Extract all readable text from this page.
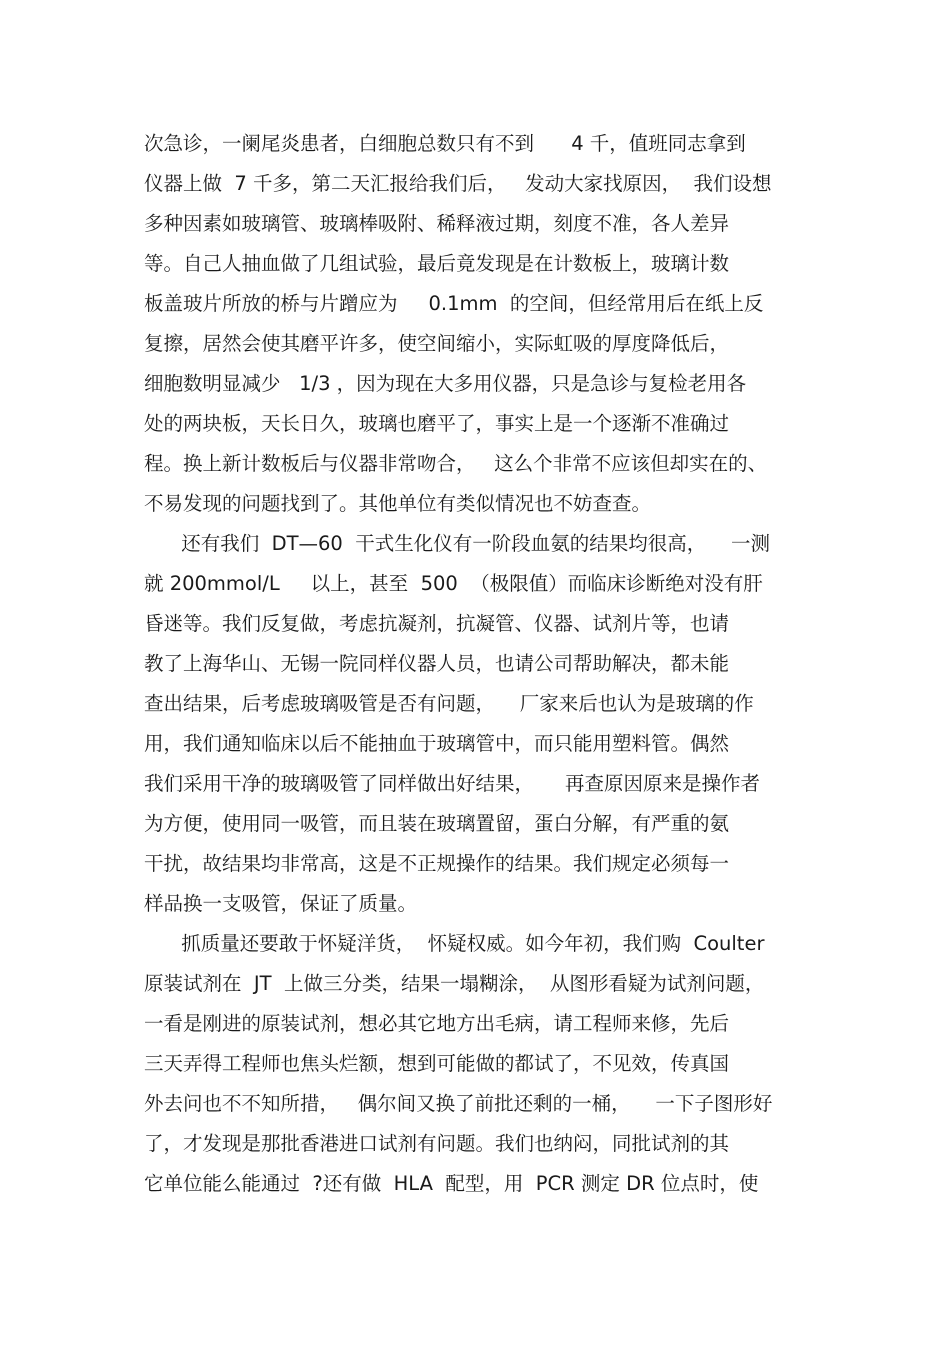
次急诊，一阑尾炎患者，白细胞总数只有不到      4 千，值班同志拿到
仪器上做  7 千多，第二天汇报给我们后，   发动大家找原因，  我们设想
多种因素如玻璃管、玻璃棒吸附、稀释液过期，刻度不准，各人差异
等。自己人抽血做了几组试验，最后竟发现是在计数板上，玻璃计数
板盖玻片所放的桥与片蹭应为     0.1mm  的空间，但经常用后在纸上反
复擦，居然会使其磨平许多，使空间缩小，实际虹吸的厚度降低后，
细胞数明显减少   1/3 ，因为现在大多用仪器，只是急诊与复检老用各
处的两块板，天长日久，玻璃也磨平了，事实上是一个逐渐不准确过
程。换上新计数板后与仪器非常吻合，   这么个非常不应该但却实在的、
不易发现的问题找到了。其他单位有类似情况也不妨查查。
还有我们  DT—60  干式生化仪有一阶段血氨的结果均很高，    一测
就 200mmol/L     以上，甚至  500  （极限值）而临床诊断绝对没有肝
昏迷等。我们反复做，考虑抗凝剂，抗凝管、仪器、试剂片等，也请
教了上海华山、无锡一院同样仪器人员，也请公司帮助解决，都未能
查出结果，后考虑玻璃吸管是否有问题，    厂家来后也认为是玻璃的作
用，我们通知临床以后不能抽血于玻璃管中，而只能用塑料管。偶然
我们采用干净的玻璃吸管了同样做出好结果，     再查原因原来是操作者
为方便，使用同一吸管，而且装在玻璃置留，蛋白分解，有严重的氨
干扰，故结果均非常高，这是不正规操作的结果。我们规定必须每一
样品换一支吸管，保证了质量。
抓质量还要敢于怀疑洋货，  怀疑权威。如今年初，我们购  Coulter
原装试剂在  JT  上做三分类，结果一塌糊涂，  从图形看疑为试剂问题，
一看是刚进的原装试剂，想必其它地方出毛病，请工程师来修，先后
三天弄得工程师也焦头烂额，想到可能做的都试了，不见效，传真国
外去问也不不知所措，   偶尔间又换了前批还剩的一桶，    一下子图形好
了，才发现是那批香港进口试剂有问题。我们也纳闷，同批试剂的其
它单位能么能通过  ?还有做  HLA  配型，用  PCR 测定 DR 位点时，使
